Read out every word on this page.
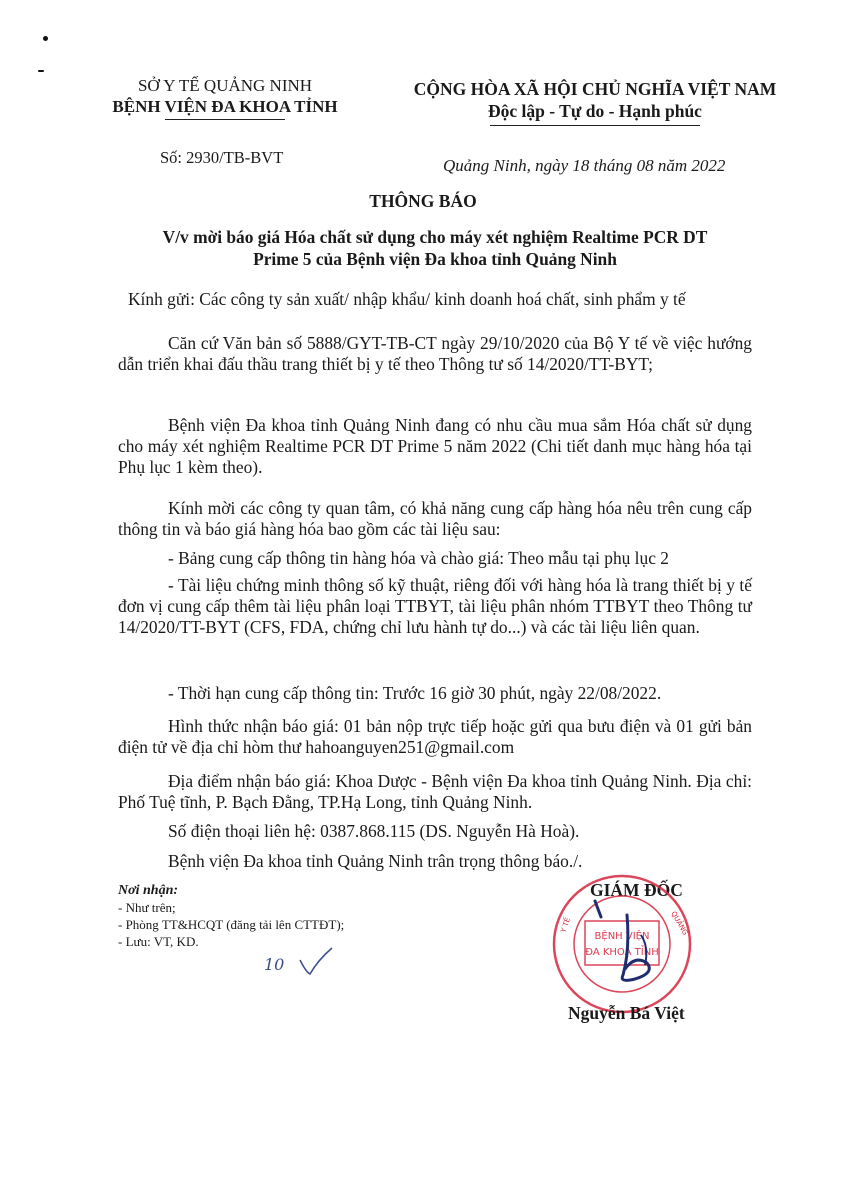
SỞ Y TẾ QUẢNG NINH
BỆNH VIỆN ĐA KHOA TỈNH
CỘNG HÒA XÃ HỘI CHỦ NGHĨA VIỆT NAM
Độc lập - Tự do - Hạnh phúc
Số: 2930/TB-BVT	Quảng Ninh, ngày 18 tháng 08 năm 2022
THÔNG BÁO
V/v mời báo giá Hóa chất sử dụng cho máy xét nghiệm Realtime PCR DT
Prime 5 của Bệnh viện Đa khoa tỉnh Quảng Ninh
Kính gửi: Các công ty sản xuất/ nhập khẩu/ kinh doanh hoá chất, sinh phẩm y tế
Căn cứ Văn bản số 5888/GYT-TB-CT ngày 29/10/2020 của Bộ Y tế về việc hướng dẫn triển khai đấu thầu trang thiết bị y tế theo Thông tư số 14/2020/TT-BYT;
Bệnh viện Đa khoa tỉnh Quảng Ninh đang có nhu cầu mua sắm Hóa chất sử dụng cho máy xét nghiệm Realtime PCR DT Prime 5 năm 2022 (Chi tiết danh mục hàng hóa tại Phụ lục 1 kèm theo).
Kính mời các công ty quan tâm, có khả năng cung cấp hàng hóa nêu trên cung cấp thông tin và báo giá hàng hóa bao gồm các tài liệu sau:
- Bảng cung cấp thông tin hàng hóa và chào giá: Theo mẫu tại phụ lục 2
- Tài liệu chứng minh thông số kỹ thuật, riêng đối với hàng hóa là trang thiết bị y tế đơn vị cung cấp thêm tài liệu phân loại TTBYT, tài liệu phân nhóm TTBYT theo Thông tư 14/2020/TT-BYT (CFS, FDA, chứng chỉ lưu hành tự do...) và các tài liệu liên quan.
- Thời hạn cung cấp thông tin: Trước 16 giờ 30 phút, ngày 22/08/2022.
Hình thức nhận báo giá: 01 bản nộp trực tiếp hoặc gửi qua bưu điện và 01 gửi bản điện tử về địa chỉ hòm thư hahoanguyen251@gmail.com
Địa điểm nhận báo giá: Khoa Dược - Bệnh viện Đa khoa tỉnh Quảng Ninh. Địa chỉ: Phố Tuệ tĩnh, P. Bạch Đằng, TP.Hạ Long, tỉnh Quảng Ninh.
Số điện thoại liên hệ: 0387.868.115 (DS. Nguyễn Hà Hoà).
Bệnh viện Đa khoa tỉnh Quảng Ninh trân trọng thông báo./.
Nơi nhận:
- Như trên;
- Phòng TT&HCQT (đăng tải lên CTTĐT);
- Lưu: VT, KD.
10
GIÁM ĐỐC
BỆNH VIỆN
ĐA KHOA TỈNH
Y TẾ	QUẢNG
Nguyễn Bá Việt
